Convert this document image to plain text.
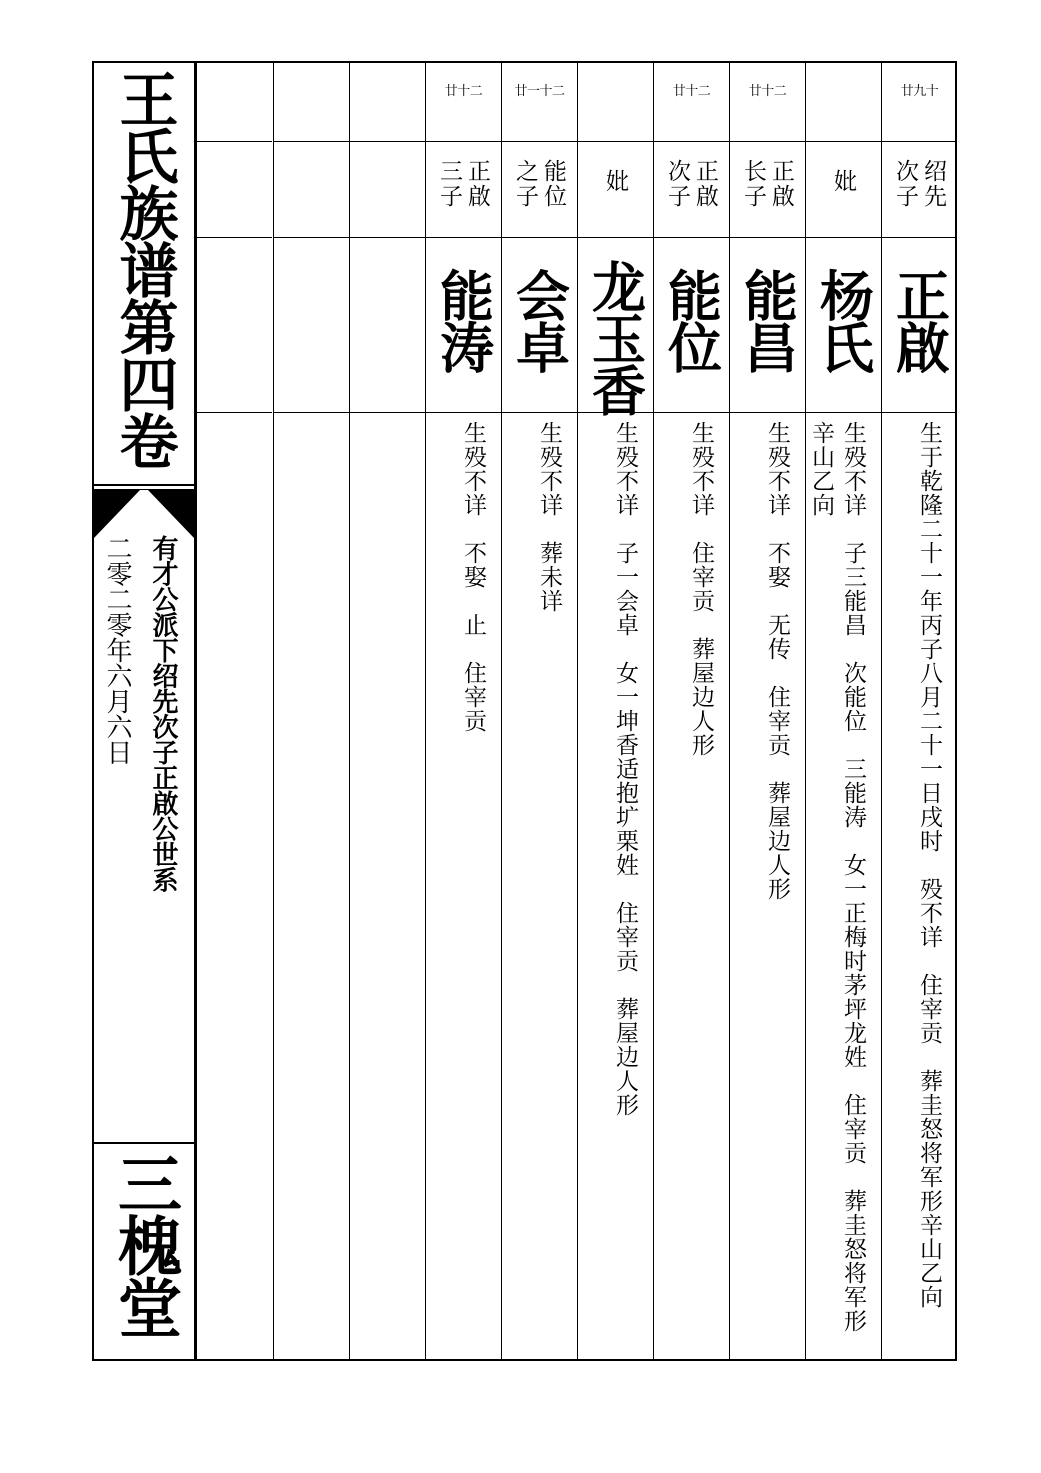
王氏族谱第四卷

有才公派下绍先次子正啟公世系

二零二零年六月六日

三槐堂

廿九十

绍先
次子

正啟

生于乾隆二十一年丙子八月二十一日戌时　殁不详　住宰贡　葬圭怒将军形辛山乙向

妣

杨氏

生殁不详　子三能昌　次能位　三能涛　女一正梅时茅坪龙姓　住宰贡　葬圭怒将军形辛山乙向

廿十二

正啟
长子

能昌

生殁不详　不娶　无传　住宰贡　葬屋边人形

廿十二

正啟
次子

能位

生殁不详　住宰贡　葬屋边人形

妣

龙玉香

生殁不详　子一会卓　女一坤香适抱圹栗姓　住宰贡　葬屋边人形

廿一十二

能位
之子

会卓

生殁不详　葬未详

廿十二

正啟
三子

能涛

生殁不详　不娶　止　住宰贡
